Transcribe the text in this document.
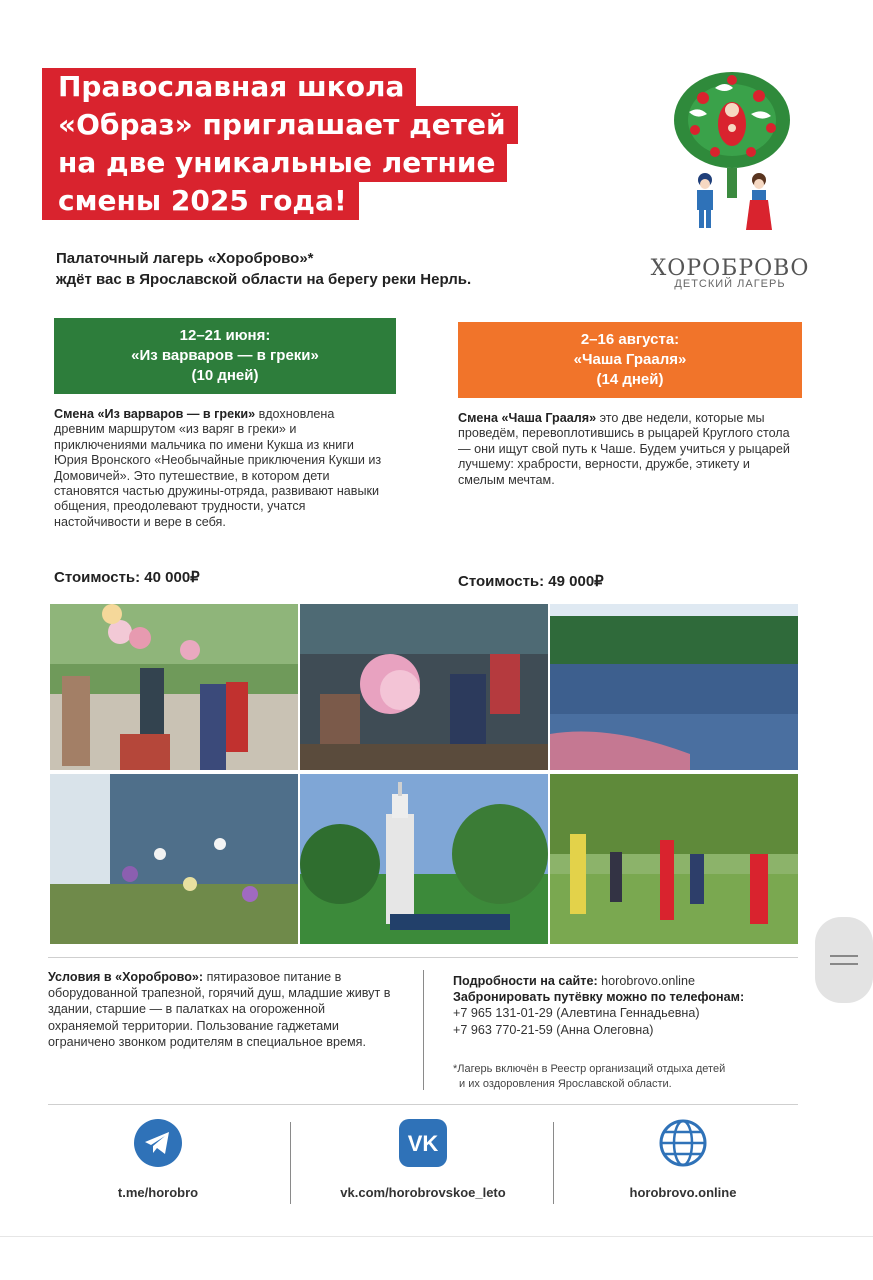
Православная школа
«Образ» приглашает детей
на две уникальные летние
смены 2025 года!
Палаточный лагерь «Хороброво»*
ждёт вас в Ярославской области на берегу реки Нерль.	ХОРОБРОВО
ДЕТСКИЙ ЛАГЕРЬ
12–21 июня:
«Из варваров — в греки»
(10 дней)
2–16 августа:
«Чаша Грааля»
(14 дней)
Смена «Из варваров — в греки» вдохновлена древним маршрутом «из варяг в греки» и приключениями мальчика по имени Кукша из книги Юрия Вронского «Необычайные приключения Кукши из Домовичей». Это путешествие, в котором дети становятся частью дружины-отряда, развивают навыки общения, преодолевают трудности, учатся настойчивости и вере в себя.
Смена «Чаша Грааля» это две недели, которые мы проведём, перевоплотившись в рыцарей Круглого стола — они ищут свой путь к Чаше. Будем учиться у рыцарей лучшему: храбрости, верности, дружбе, этикету и смелым мечтам.
Стоимость: 40 000₽	Стоимость: 49 000₽
Условия в «Хороброво»: пятиразовое питание в оборудованной трапезной, горячий душ, младшие живут в здании, старшие — в палатках на огороженной охраняемой территории. Пользование гаджетами ограничено звонком родителям в специальное время.
Подробности на сайте: horobrovo.online
Забронировать путёвку можно по телефонам:
+7 965 131-01-29 (Алевтина Геннадьевна)
+7 963 770-21-59 (Анна Олеговна)
*Лагерь включён в Реестр организаций отдыха детей
и их оздоровления Ярославской области.
t.me/horobro
VK
vk.com/horobrovskoe_leto	horobrovo.online
